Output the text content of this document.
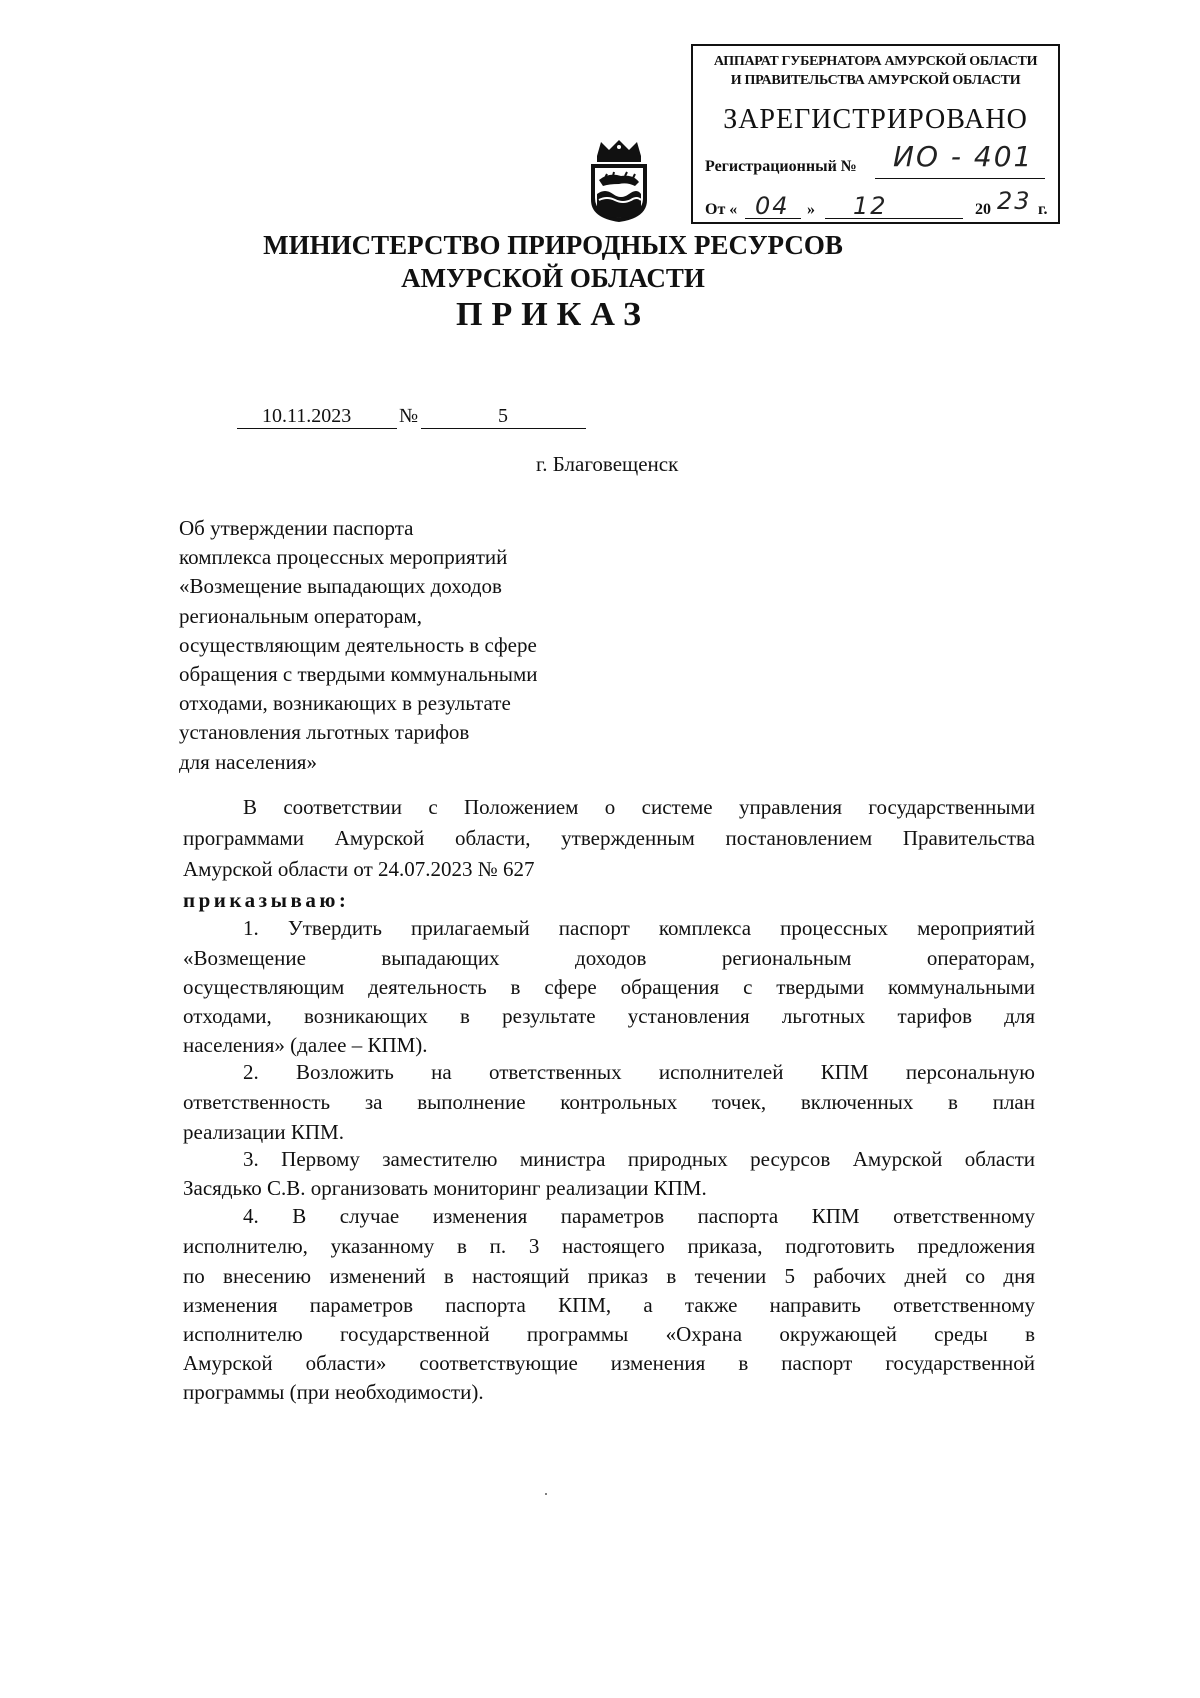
АППАРАТ ГУБЕРНАТОРА АМУРСКОЙ ОБЛАСТИ
И ПРАВИТЕЛЬСТВА АМУРСКОЙ ОБЛАСТИ
ЗАРЕГИСТРИРОВАНО
Регистрационный № ИО - 401
От « 04 » 12	20 23 г.
МИНИСТЕРСТВО ПРИРОДНЫХ РЕСУРСОВ
АМУРСКОЙ ОБЛАСТИ
ПРИКАЗ
10.11.2023 №	5
г. Благовещенск
Об утверждении паспорта
комплекса процессных мероприятий
«Возмещение выпадающих доходов
региональным операторам,
осуществляющим деятельность в сфере
обращения с твердыми коммунальными
отходами, возникающих в результате
установления льготных тарифов
для населения»
В соответствии с Положением о системе управления государственными
программами Амурской области, утвержденным постановлением Правительства
Амурской области от 24.07.2023 № 627
приказываю:
1. Утвердить прилагаемый паспорт комплекса процессных мероприятий
«Возмещение выпадающих доходов региональным операторам,
осуществляющим деятельность в сфере обращения с твердыми коммунальными
отходами, возникающих в результате установления льготных тарифов для
населения» (далее – КПМ).
2. Возложить на ответственных исполнителей КПМ персональную
ответственность за выполнение контрольных точек, включенных в план
реализации КПМ.
3. Первому заместителю министра природных ресурсов Амурской области
Засядько С.В. организовать мониторинг реализации КПМ.
4. В случае изменения параметров паспорта КПМ ответственному
исполнителю, указанному в п. 3 настоящего приказа, подготовить предложения
по внесению изменений в настоящий приказ в течении 5 рабочих дней со дня
изменения параметров паспорта КПМ, а также направить ответственному
исполнителю государственной программы «Охрана окружающей среды в
Амурской области» соответствующие изменения в паспорт государственной
программы (при необходимости).
